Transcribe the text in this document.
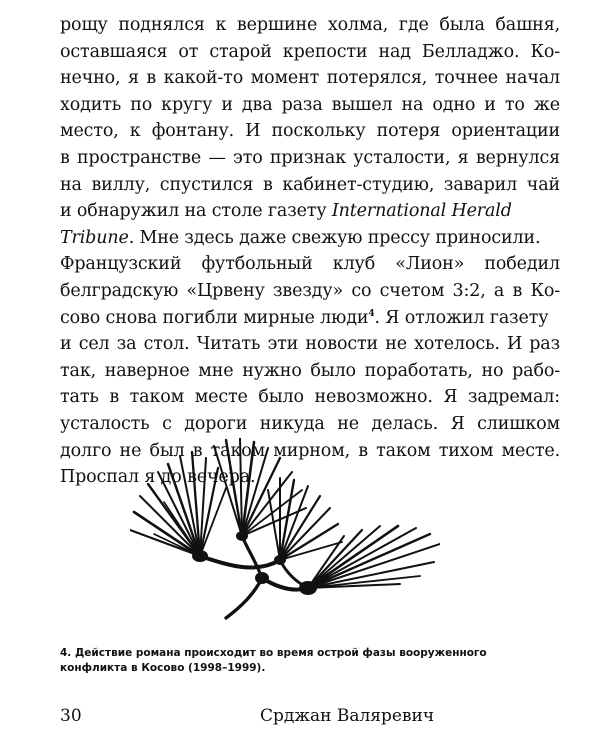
рощу поднялся к вершине холма, где была башня,
оставшаяся от старой крепости над Белладжо. Ко-
нечно, я в какой-то момент потерялся, точнее начал
ходить по кругу и два раза вышел на одно и то же
место, к фонтану. И поскольку потеря ориентации
в пространстве — это признак усталости, я вернулся
на виллу, спустился в кабинет-студию, заварил чай
и обнаружил на столе газету International Herald
Tribune. Мне здесь даже свежую прессу приносили.
Французский футбольный клуб «Лион» победил
белградскую «Црвену звезду» со счетом 3:2, а в Ко-
сово снова погибли мирные люди$^4$. Я отложил газету
и сел за стол. Читать эти новости не хотелось. И раз
так, наверное мне нужно было поработать, но рабо-
тать в таком месте было невозможно. Я задремал:
усталость с дороги никуда не делась. Я слишком
долго не был в таком мирном, в таком тихом месте.
Проспал я до вечера.
4. Действие романа происходит во время острой фазы вооруженного
конфликта в Косово (1998–1999).
30	Срджан Валяревич
